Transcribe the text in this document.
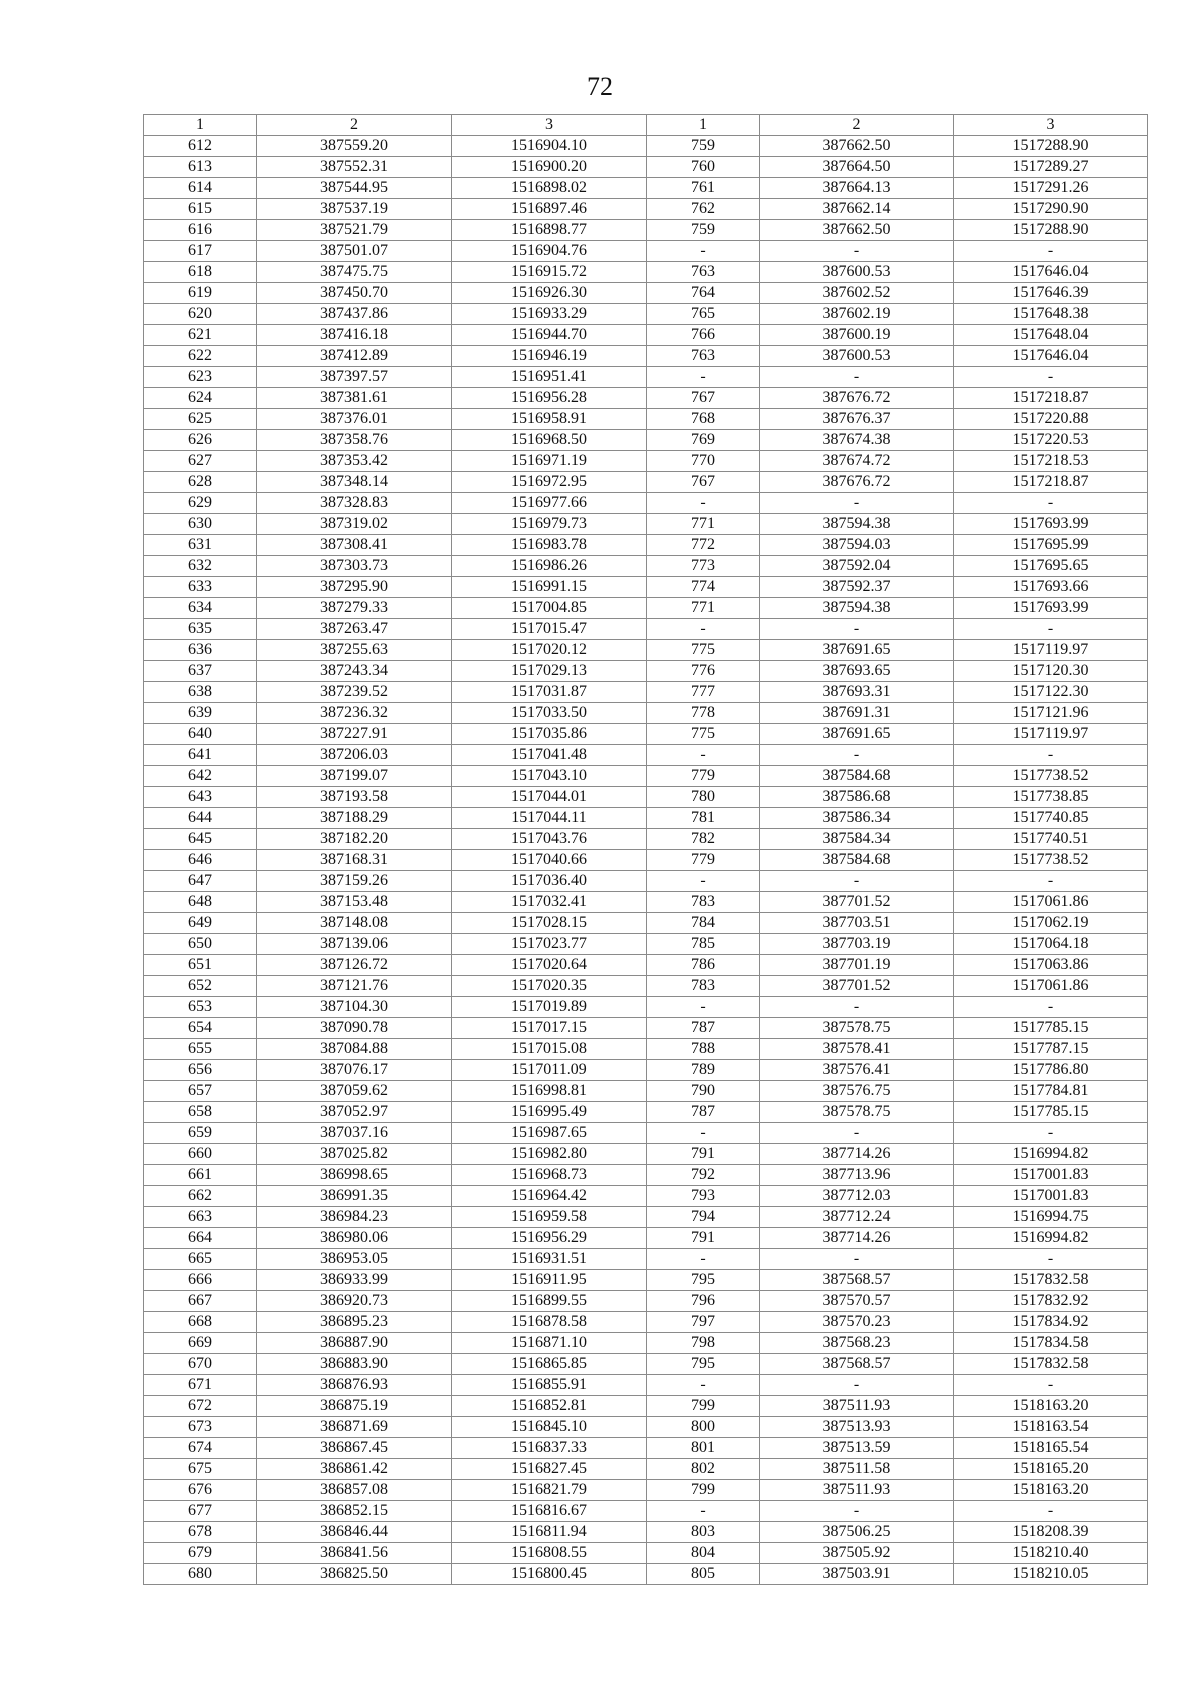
72
1	2	3	1	2	3
612	387559.20	1516904.10	759	387662.50	1517288.90
613	387552.31	1516900.20	760	387664.50	1517289.27
614	387544.95	1516898.02	761	387664.13	1517291.26
615	387537.19	1516897.46	762	387662.14	1517290.90
616	387521.79	1516898.77	759	387662.50	1517288.90
617	387501.07	1516904.76	-	-	-
618	387475.75	1516915.72	763	387600.53	1517646.04
619	387450.70	1516926.30	764	387602.52	1517646.39
620	387437.86	1516933.29	765	387602.19	1517648.38
621	387416.18	1516944.70	766	387600.19	1517648.04
622	387412.89	1516946.19	763	387600.53	1517646.04
623	387397.57	1516951.41	-	-	-
624	387381.61	1516956.28	767	387676.72	1517218.87
625	387376.01	1516958.91	768	387676.37	1517220.88
626	387358.76	1516968.50	769	387674.38	1517220.53
627	387353.42	1516971.19	770	387674.72	1517218.53
628	387348.14	1516972.95	767	387676.72	1517218.87
629	387328.83	1516977.66	-	-	-
630	387319.02	1516979.73	771	387594.38	1517693.99
631	387308.41	1516983.78	772	387594.03	1517695.99
632	387303.73	1516986.26	773	387592.04	1517695.65
633	387295.90	1516991.15	774	387592.37	1517693.66
634	387279.33	1517004.85	771	387594.38	1517693.99
635	387263.47	1517015.47	-	-	-
636	387255.63	1517020.12	775	387691.65	1517119.97
637	387243.34	1517029.13	776	387693.65	1517120.30
638	387239.52	1517031.87	777	387693.31	1517122.30
639	387236.32	1517033.50	778	387691.31	1517121.96
640	387227.91	1517035.86	775	387691.65	1517119.97
641	387206.03	1517041.48	-	-	-
642	387199.07	1517043.10	779	387584.68	1517738.52
643	387193.58	1517044.01	780	387586.68	1517738.85
644	387188.29	1517044.11	781	387586.34	1517740.85
645	387182.20	1517043.76	782	387584.34	1517740.51
646	387168.31	1517040.66	779	387584.68	1517738.52
647	387159.26	1517036.40	-	-	-
648	387153.48	1517032.41	783	387701.52	1517061.86
649	387148.08	1517028.15	784	387703.51	1517062.19
650	387139.06	1517023.77	785	387703.19	1517064.18
651	387126.72	1517020.64	786	387701.19	1517063.86
652	387121.76	1517020.35	783	387701.52	1517061.86
653	387104.30	1517019.89	-	-	-
654	387090.78	1517017.15	787	387578.75	1517785.15
655	387084.88	1517015.08	788	387578.41	1517787.15
656	387076.17	1517011.09	789	387576.41	1517786.80
657	387059.62	1516998.81	790	387576.75	1517784.81
658	387052.97	1516995.49	787	387578.75	1517785.15
659	387037.16	1516987.65	-	-	-
660	387025.82	1516982.80	791	387714.26	1516994.82
661	386998.65	1516968.73	792	387713.96	1517001.83
662	386991.35	1516964.42	793	387712.03	1517001.83
663	386984.23	1516959.58	794	387712.24	1516994.75
664	386980.06	1516956.29	791	387714.26	1516994.82
665	386953.05	1516931.51	-	-	-
666	386933.99	1516911.95	795	387568.57	1517832.58
667	386920.73	1516899.55	796	387570.57	1517832.92
668	386895.23	1516878.58	797	387570.23	1517834.92
669	386887.90	1516871.10	798	387568.23	1517834.58
670	386883.90	1516865.85	795	387568.57	1517832.58
671	386876.93	1516855.91	-	-	-
672	386875.19	1516852.81	799	387511.93	1518163.20
673	386871.69	1516845.10	800	387513.93	1518163.54
674	386867.45	1516837.33	801	387513.59	1518165.54
675	386861.42	1516827.45	802	387511.58	1518165.20
676	386857.08	1516821.79	799	387511.93	1518163.20
677	386852.15	1516816.67	-	-	-
678	386846.44	1516811.94	803	387506.25	1518208.39
679	386841.56	1516808.55	804	387505.92	1518210.40
680	386825.50	1516800.45	805	387503.91	1518210.05
